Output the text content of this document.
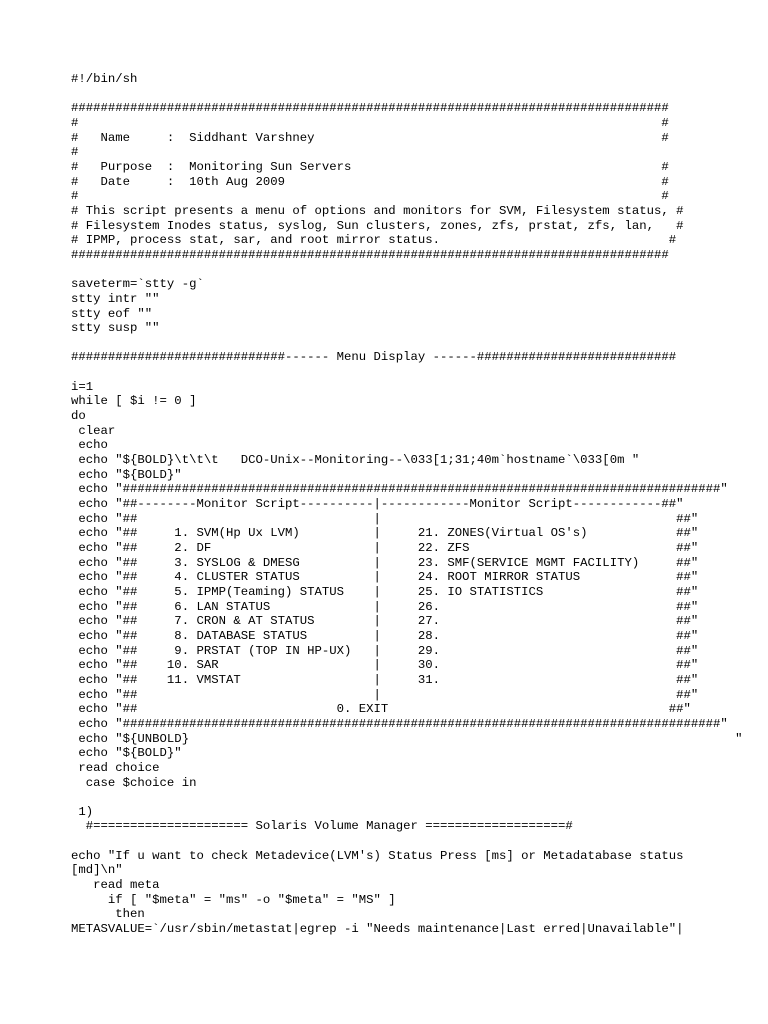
#!/bin/sh
#################################################################################
#                                                                               #
#   Name     :  Siddhant Varshney                                               #
#
#   Purpose  :  Monitoring Sun Servers                                          #
#   Date     :  10th Aug 2009                                                   #
#                                                                               #
# This script presents a menu of options and monitors for SVM, Filesystem status, #
# Filesystem Inodes status, syslog, Sun clusters, zones, zfs, prstat, zfs, lan,   #
# IPMP, process stat, sar, and root mirror status.                               #
#################################################################################
saveterm=`stty -g`
stty intr ""
stty eof ""
stty susp ""
#############################------ Menu Display ------###########################
i=1
while [ $i != 0 ]
do
clear
echo
echo "${BOLD}\t\t\t   DCO-Unix--Monitoring--\033[1;31;40m`hostname`\033[0m "
echo "${BOLD}"
echo "#################################################################################"
echo "##--------Monitor Script----------|------------Monitor Script------------##"
echo "##                                |                                        ##"
echo "##     1. SVM(Hp Ux LVM)          |     21. ZONES(Virtual OS's)            ##"
echo "##     2. DF                      |     22. ZFS                            ##"
echo "##     3. SYSLOG & DMESG          |     23. SMF(SERVICE MGMT FACILITY)     ##"
echo "##     4. CLUSTER STATUS          |     24. ROOT MIRROR STATUS             ##"
echo "##     5. IPMP(Teaming) STATUS    |     25. IO STATISTICS                  ##"
echo "##     6. LAN STATUS              |     26.                                ##"
echo "##     7. CRON & AT STATUS        |     27.                                ##"
echo "##     8. DATABASE STATUS         |     28.                                ##"
echo "##     9. PRSTAT (TOP IN HP-UX)   |     29.                                ##"
echo "##    10. SAR                     |     30.                                ##"
echo "##    11. VMSTAT                  |     31.                                ##"
echo "##                                |                                        ##"
echo "##                           0. EXIT                                      ##"
echo "#################################################################################"
echo "${UNBOLD}                                                                          "
echo "${BOLD}"
read choice
case $choice in
1)
#===================== Solaris Volume Manager ===================#
echo "If u want to check Metadevice(LVM's) Status Press [ms] or Metadatabase status
[md]\n"
read meta
if [ "$meta" = "ms" -o "$meta" = "MS" ]
then
METASVALUE=`/usr/sbin/metastat|egrep -i "Needs maintenance|Last erred|Unavailable"|
